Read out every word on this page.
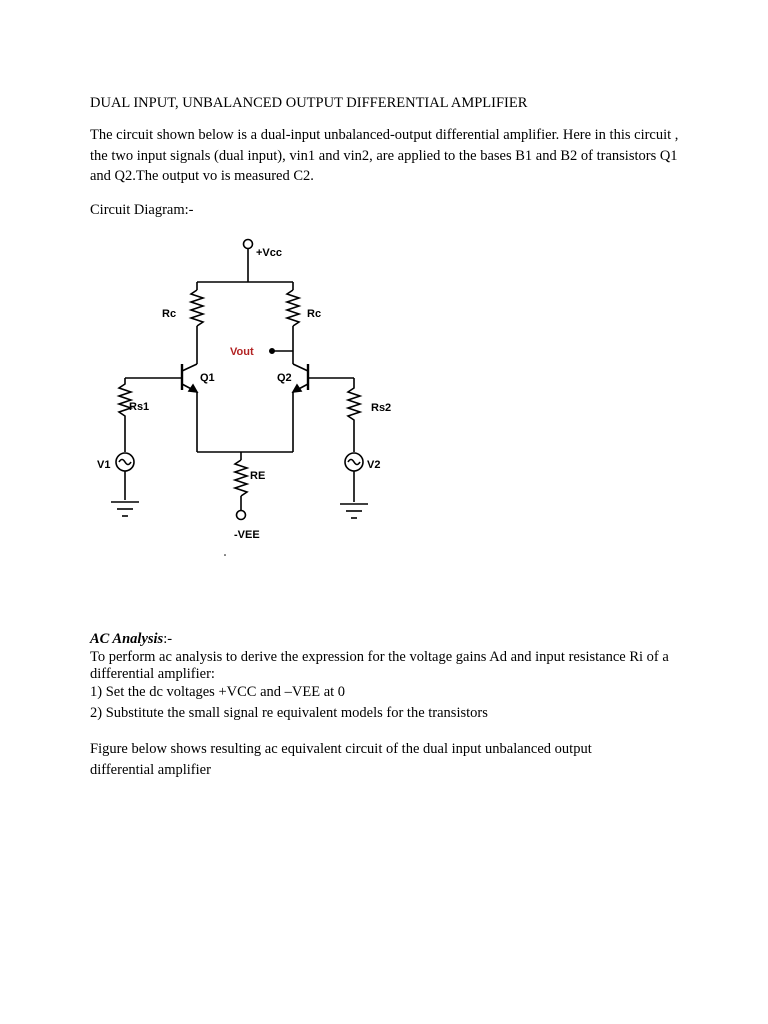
DUAL INPUT, UNBALANCED OUTPUT DIFFERENTIAL AMPLIFIER
The circuit shown below is a dual-input unbalanced-output differential amplifier. Here in this circuit , the two input signals (dual input), vin1 and vin2, are applied to the bases B1 and B2 of transistors Q1 and Q2.The output vo is measured C2.
Circuit Diagram:-
+Vcc
Rc	Rc
Vout
Q1	Q2
RE
-VEE
Rs1
V1
Rs2
V2
AC Analysis:-
To perform ac analysis to derive the expression for the voltage gains Ad and input resistance Ri of a differential amplifier:
1) Set the dc voltages +VCC and –VEE at 0
2) Substitute the small signal re equivalent models for the transistors
Figure below shows resulting ac equivalent circuit of the dual input unbalanced output differential amplifier
